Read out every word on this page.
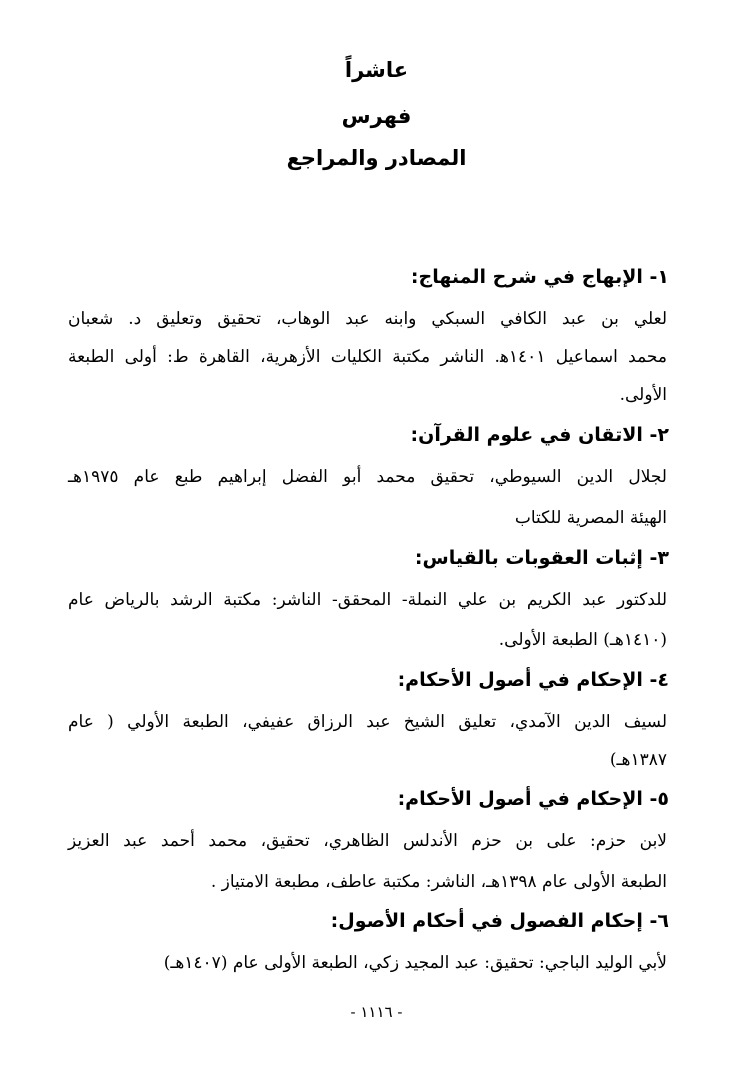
عاشراً
فهرس
المصادر والمراجع
١- الإبهاج في شرح المنهاج:
لعلي بن عبد الكافي السبكي وابنه عبد الوهاب، تحقيق وتعليق د. شعبان
محمد اسماعيل ١٤٠١ه‍. الناشر مكتبة الكليات الأزهرية، القاهرة ط: أولى الطبعة
الأولى.
٢- الاتقان في علوم القرآن:
لجلال الدين السيوطي، تحقيق محمد أبو الفضل إبراهيم طبع عام ١٩٧٥هـ
الهيئة المصرية للكتاب
٣- إثبات العقوبات بالقياس:
للدكتور عبد الكريم بن علي النملة- المحقق- الناشر: مكتبة الرشد بالرياض عام
(١٤١٠هـ) الطبعة الأولى.
٤- الإحكام في أصول الأحكام:
لسيف الدين الآمدي، تعليق الشيخ عبد الرزاق عفيفي، الطبعة الأولي ( عام
١٣٨٧هـ)
٥- الإحكام في أصول الأحكام:
لابن حزم: على بن حزم الأندلس الظاهري، تحقيق، محمد أحمد عبد العزيز
الطبعة الأولى عام ١٣٩٨هـ، الناشر: مكتبة عاطف، مطبعة الامتياز .
٦- إحكام الفصول في أحكام الأصول:
لأبي الوليد الباجي: تحقيق: عبد المجيد زكي، الطبعة الأولى عام (١٤٠٧هـ)
- ١١١٦ -
